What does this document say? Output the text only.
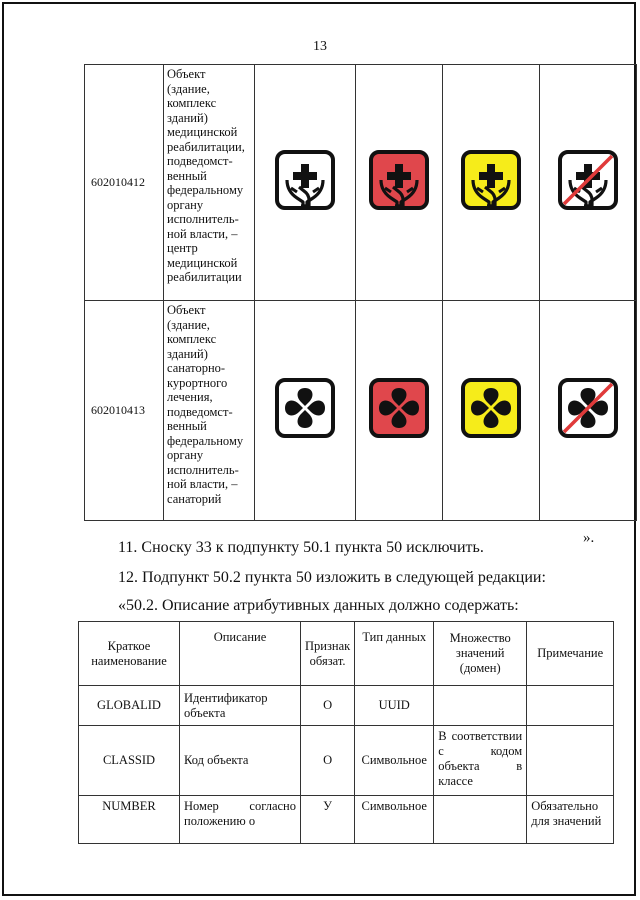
13
602010412	Объект (здание, комплекс зданий) медицинской реабилитации, подведомст-венный федеральному органу исполнитель-ной власти, – центр медицинской реабилитации	

602010413	Объект (здание, комплекс зданий) санаторно-курортного лечения, подведомст-венный федеральному органу исполнитель-ной власти, – санаторий	

».

11. Сноску 33 к подпункту 50.1 пункта 50 исключить.

12. Подпункт 50.2 пункта 50 изложить в следующей редакции:

«50.2. Описание атрибутивных данных должно содержать:

Краткое наименование	Описание	Признак обязат.	Тип данных	Множество значений (домен)	Примечание
GLOBALID	Идентификатор объекта	О	UUID		
CLASSID	Код объекта	О	Символьное	В соответствии с кодом объекта в классе	
NUMBER	Номер согласно положению о	У	Символьное		Обязательно для значений
